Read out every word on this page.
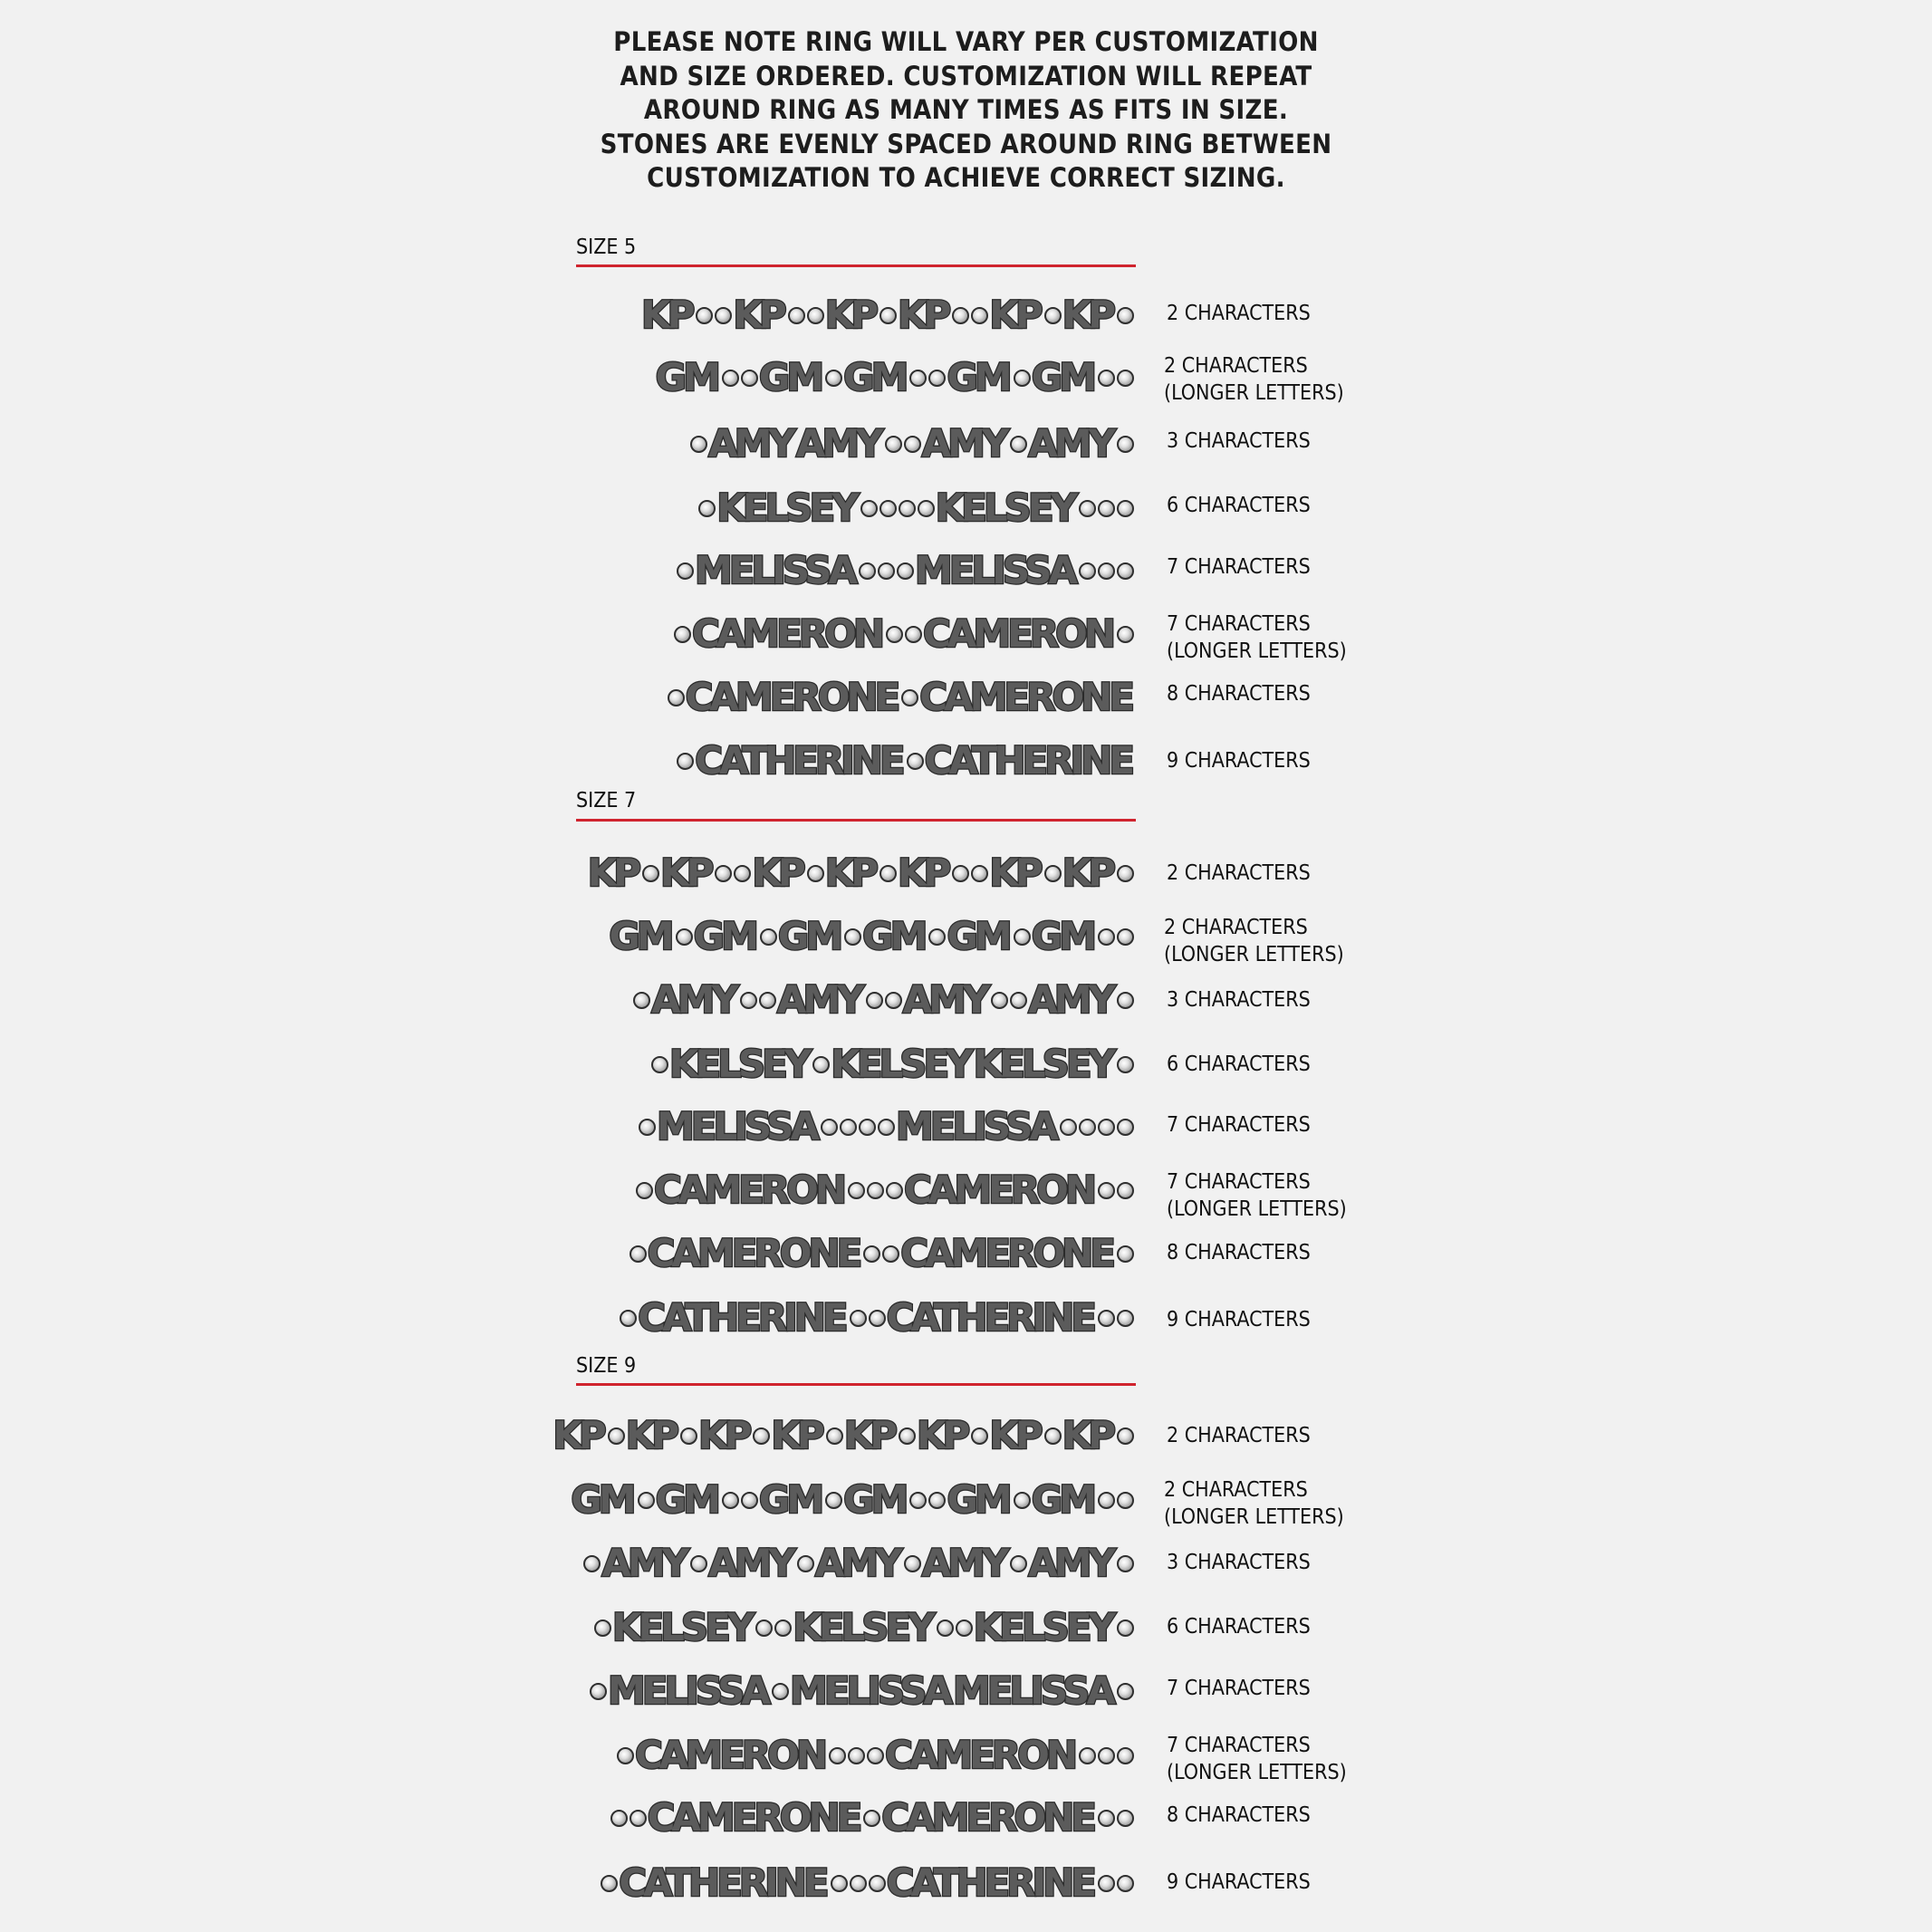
PLEASE NOTE RING WILL VARY PER CUSTOMIZATION
AND SIZE ORDERED. CUSTOMIZATION WILL REPEAT
AROUND RING AS MANY TIMES AS FITS IN SIZE.
STONES ARE EVENLY SPACED AROUND RING BETWEEN
CUSTOMIZATION TO ACHIEVE CORRECT SIZING.
SIZE 5
KP KP KP KP KP KP	2 CHARACTERS
GM GM GM GM GM	2 CHARACTERS
(LONGER LETTERS)
AMY AMY AMY AMY	3 CHARACTERS
KELSEY KELSEY	6 CHARACTERS
MELISSA MELISSA	7 CHARACTERS
CAMERON CAMERON	7 CHARACTERS
(LONGER LETTERS)
CAMERONE CAMERONE 8 CHARACTERS
CATHERINE CATHERINE 9 CHARACTERS
SIZE 7
KP KP KP KP KP KP KP	2 CHARACTERS
GM GM GM GM GM GM	2 CHARACTERS
(LONGER LETTERS)
AMY AMY AMY AMY	3 CHARACTERS
KELSEY KELSEY KELSEY	6 CHARACTERS
MELISSA MELISSA	7 CHARACTERS
CAMERON CAMERON	7 CHARACTERS
(LONGER LETTERS)
CAMERONE CAMERONE	8 CHARACTERS
CATHERINE CATHERINE	9 CHARACTERS
SIZE 9
KP KP KP KP KP KP KP KP	2 CHARACTERS
GM GM GM GM GM GM	2 CHARACTERS
(LONGER LETTERS)
AMY AMY AMY AMY AMY	3 CHARACTERS
KELSEY KELSEY KELSEY	6 CHARACTERS
MELISSA MELISSA MELISSA	7 CHARACTERS
CAMERON CAMERON	7 CHARACTERS
(LONGER LETTERS)
CAMERONE CAMERONE	8 CHARACTERS
CATHERINE CATHERINE	9 CHARACTERS
